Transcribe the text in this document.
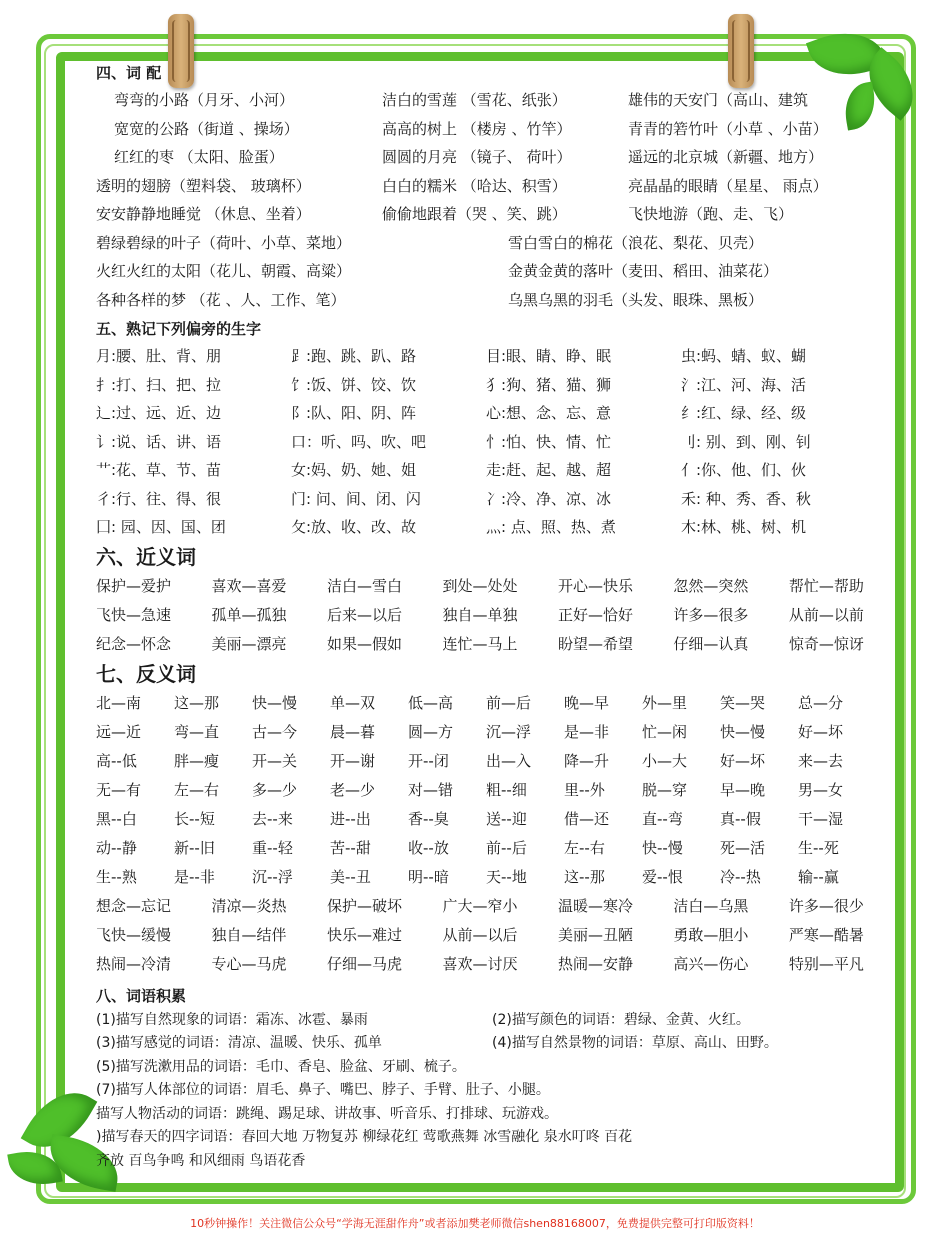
四、词 配
弯弯的小路（月牙、小河）	洁白的雪莲 （雪花、纸张）	雄伟的天安门（高山、建筑
宽宽的公路（街道 、操场）	高高的树上 （楼房 、竹竿）	青青的箬竹叶（小草 、小苗）
红红的枣 （太阳、脸蛋）	圆圆的月亮 （镜子、 荷叶）	遥远的北京城（新疆、地方）
透明的翅膀（塑料袋、 玻璃杯）	白白的糯米 （哈达、积雪）	亮晶晶的眼睛（星星、 雨点）
安安静静地睡觉 （休息、坐着）	偷偷地跟着（哭 、笑、跳）	飞快地游（跑、走、飞）
碧绿碧绿的叶子（荷叶、小草、菜地）	雪白雪白的棉花（浪花、梨花、贝壳）
火红火红的太阳（花儿、朝霞、高粱）	金黄金黄的落叶（麦田、稻田、油菜花）
各种各样的梦 （花 、人、工作、笔）	乌黑乌黑的羽毛（头发、眼珠、黑板）
五、熟记下列偏旁的生字
月:腰、肚、背、朋	⻊:跑、跳、趴、路	目:眼、睛、睁、眠	虫:蚂、蜻、蚁、蝴
扌:打、扫、把、拉	饣:饭、饼、饺、饮	犭:狗、猪、猫、狮	氵:江、河、海、活
辶:过、远、近、边	阝:队、阳、阴、阵	心:想、念、忘、意	纟:红、绿、经、级
讠:说、话、讲、语	口：听、吗、吹、吧	忄:怕、快、情、忙	刂: 别、到、刚、钊
艹:花、草、节、苗	女:妈、奶、她、姐	走:赶、起、越、超	亻:你、他、们、伙
彳:行、往、得、很	门: 问、间、闭、闪	冫:冷、净、凉、冰	禾: 种、秀、香、秋
囗: 园、因、国、团	攵:放、收、改、故	灬: 点、照、热、煮	木:林、桃、树、机
六、近义词
保护—爱护	喜欢—喜爱	洁白—雪白	到处—处处	开心—快乐	忽然—突然	帮忙—帮助
飞快—急速	孤单—孤独	后来—以后	独自—单独	正好—恰好	许多—很多	从前—以前
纪念—怀念	美丽—漂亮	如果—假如	连忙—马上	盼望—希望	仔细—认真	惊奇—惊讶
七、反义词
北—南	这—那	快—慢	单—双	低—高	前—后	晚—早	外—里	笑—哭	总—分
远—近	弯—直	古—今	晨—暮	圆—方	沉—浮	是—非	忙—闲	快—慢	好—坏
高--低	胖—瘦	开—关	开—谢	开--闭	出—入	降—升	小—大	好—坏	来—去
无—有	左—右	多—少	老—少	对—错	粗--细	里--外	脱—穿	早—晚	男—女
黑--白	长--短	去--来	进--出	香--臭	送--迎	借—还	直--弯	真--假	干—湿
动--静	新--旧	重--轻	苦--甜	收--放	前--后	左--右	快--慢	死—活	生--死
生--熟	是--非	沉--浮	美--丑	明--暗	天--地	这--那	爱--恨	冷--热	输--赢
想念—忘记	清凉—炎热	保护—破坏	广大—窄小	温暖—寒冷	洁白—乌黑	许多—很少
飞快—缓慢	独自—结伴	快乐—难过	从前—以后	美丽—丑陋	勇敢—胆小	严寒—酷暑
热闹—冷清	专心—马虎	仔细—马虎	喜欢—讨厌	热闹—安静	高兴—伤心	特别—平凡
八、词语积累
(1)描写自然现象的词语：霜冻、冰雹、暴雨	(2)描写颜色的词语：碧绿、金黄、火红。
(3)描写感觉的词语：清凉、温暖、快乐、孤单	(4)描写自然景物的词语：草原、高山、田野。
(5)描写洗漱用品的词语：毛巾、香皂、脸盆、牙刷、梳子。
(7)描写人体部位的词语：眉毛、鼻子、嘴巴、脖子、手臂、肚子、小腿。
描写人物活动的词语：跳绳、踢足球、讲故事、听音乐、打排球、玩游戏。
)描写春天的四字词语：春回大地 万物复苏 柳绿花红 莺歌燕舞 冰雪融化 泉水叮咚 百花
齐放 百鸟争鸣 和风细雨 鸟语花香
10秒钟操作！关注微信公众号“学海无涯甜作舟”或者添加樊老师微信shen88168007，免费提供完整可打印版资料！
